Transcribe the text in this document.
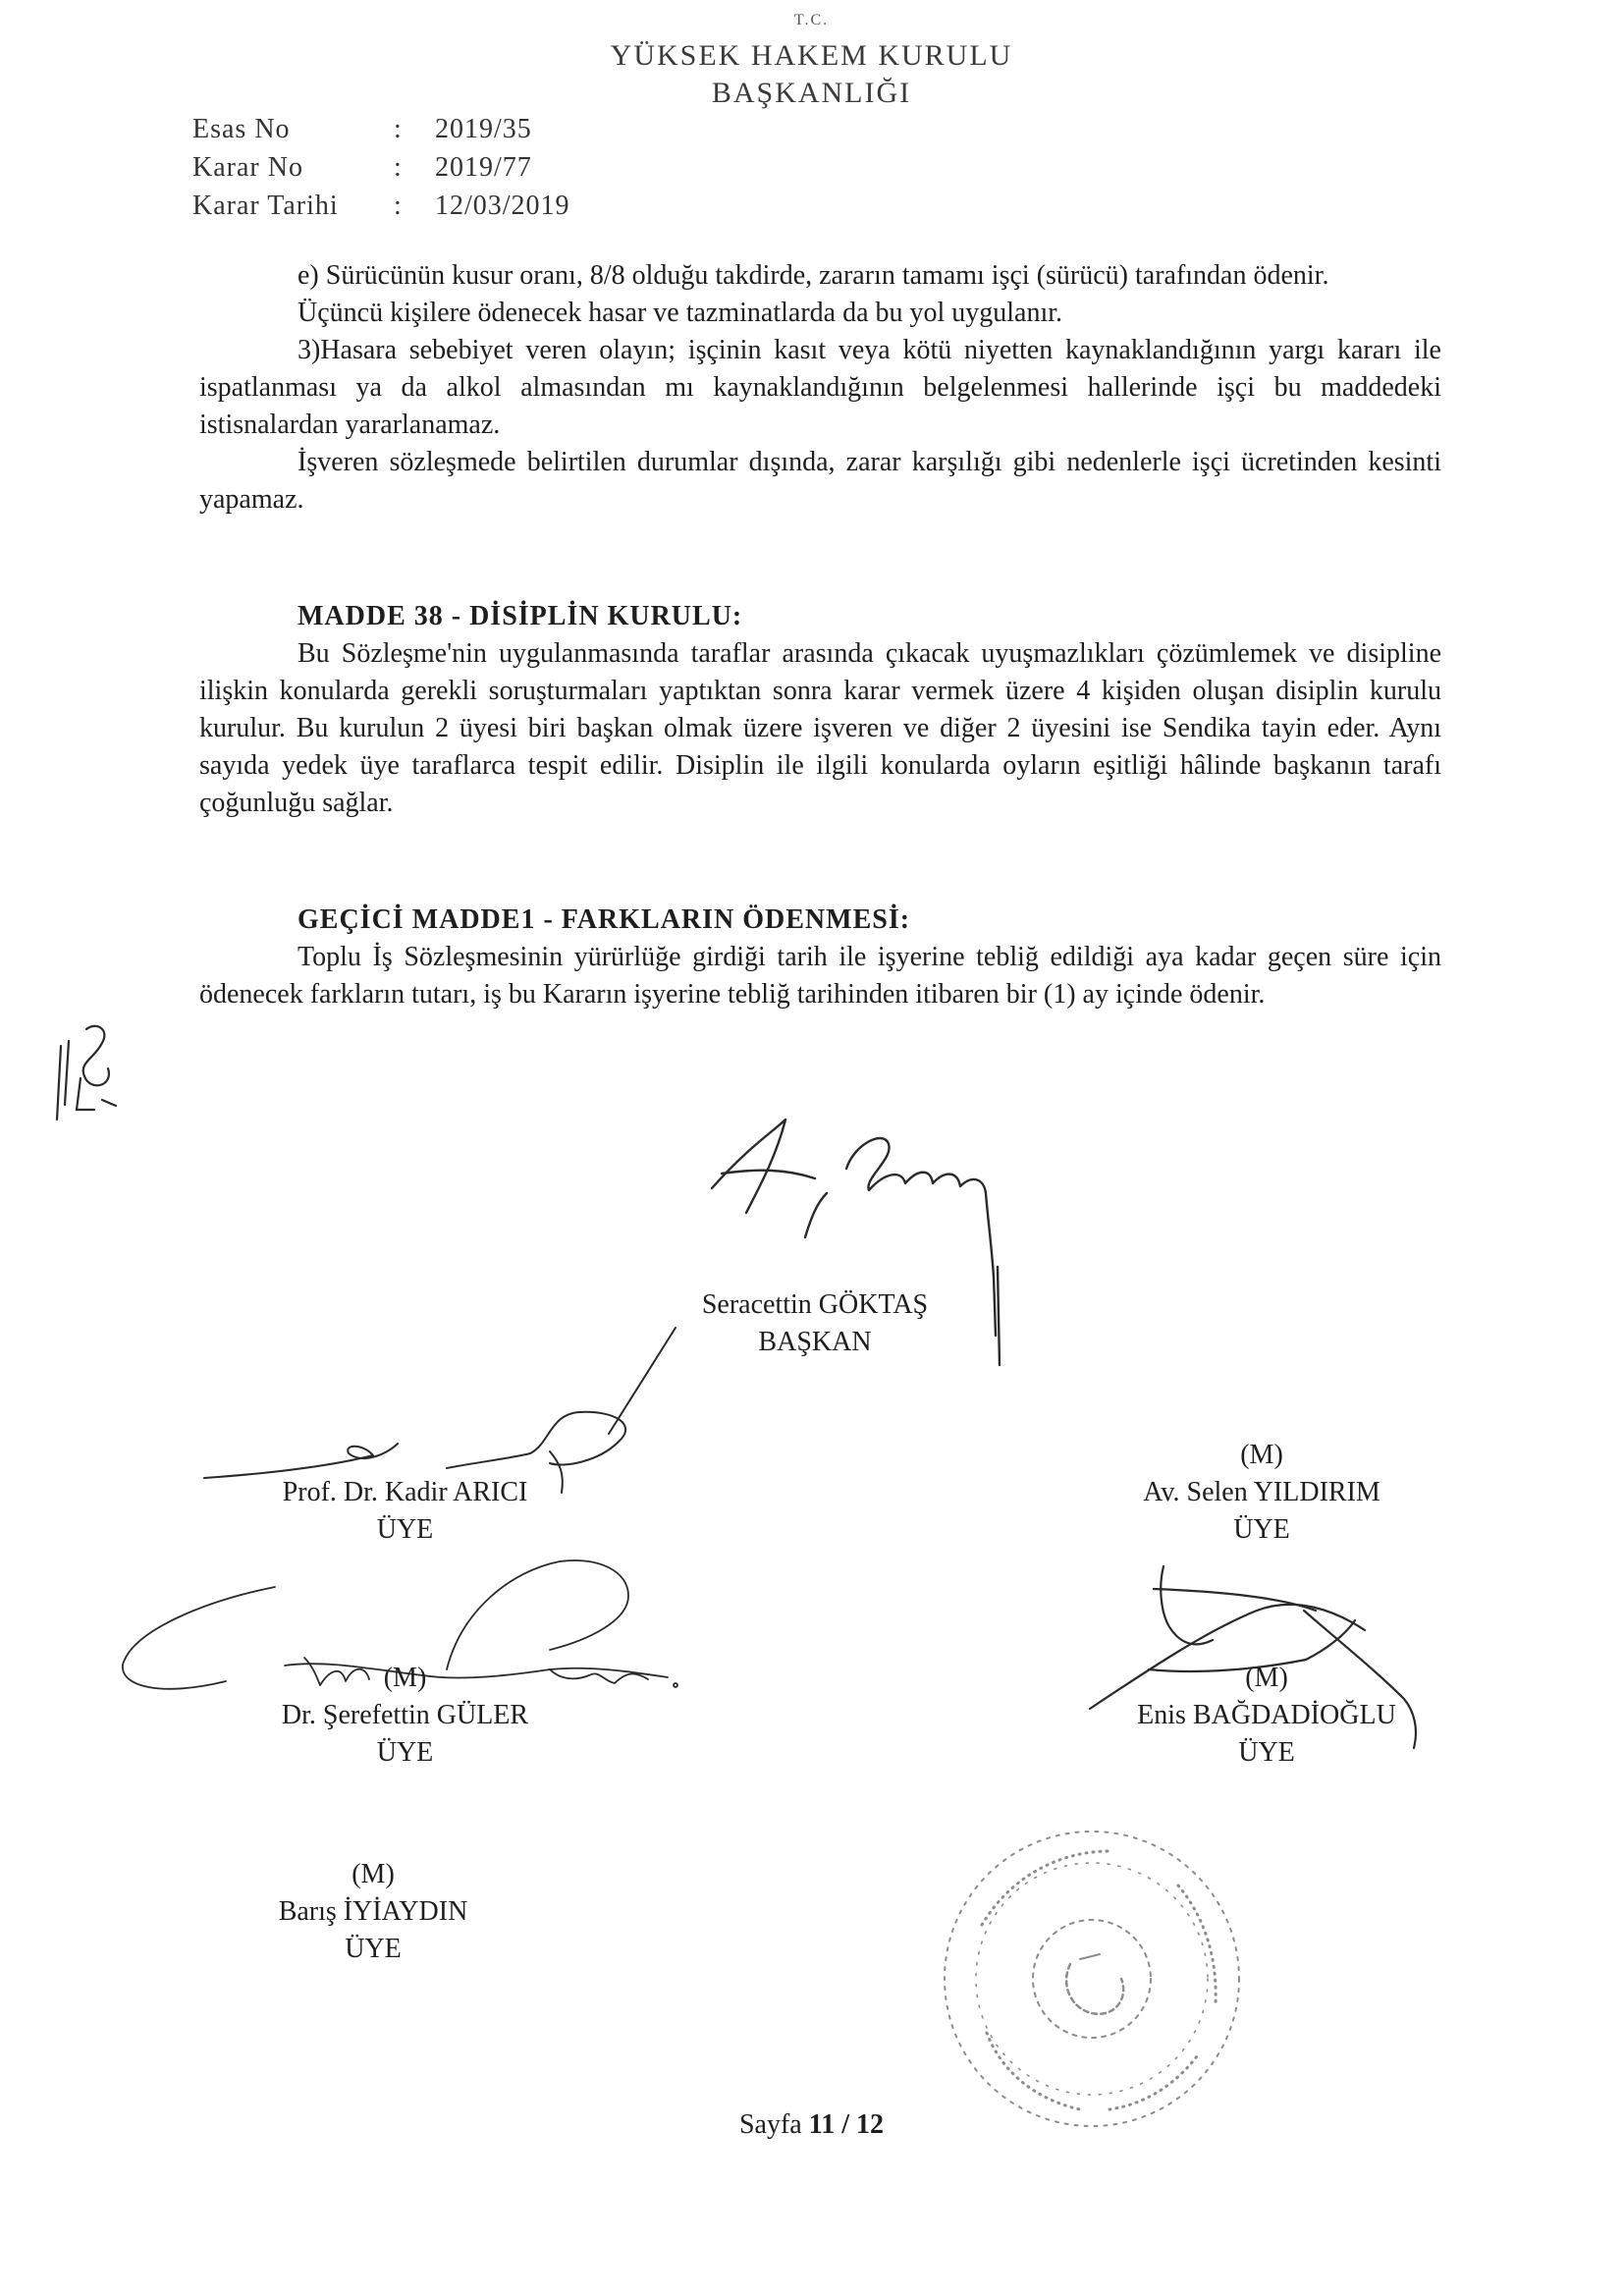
T.C.
YÜKSEK HAKEM KURULU
BAŞKANLIĞI
Esas No	:	2019/35
Karar No	:	2019/77
Karar Tarihi	:	12/03/2019

e) Sürücünün kusur oranı, 8/8 olduğu takdirde, zararın tamamı işçi (sürücü) tarafından ödenir.

Üçüncü kişilere ödenecek hasar ve tazminatlarda da bu yol uygulanır.

3)Hasara sebebiyet veren olayın; işçinin kasıt veya kötü niyetten kaynaklandığının yargı kararı ile ispatlanması ya da alkol almasından mı kaynaklandığının belgelenmesi hallerinde işçi bu maddedeki istisnalardan yararlanamaz.

İşveren sözleşmede belirtilen durumlar dışında, zarar karşılığı gibi nedenlerle işçi ücretinden kesinti yapamaz.

MADDE 38 - DİSİPLİN KURULU:

Bu Sözleşme'nin uygulanmasında taraflar arasında çıkacak uyuşmazlıkları çözümlemek ve disipline ilişkin konularda gerekli soruşturmaları yaptıktan sonra karar vermek üzere 4 kişiden oluşan disiplin kurulu kurulur. Bu kurulun 2 üyesi biri başkan olmak üzere işveren ve diğer 2 üyesini ise Sendika tayin eder. Aynı sayıda yedek üye taraflarca tespit edilir. Disiplin ile ilgili konularda oyların eşitliği hâlinde başkanın tarafı çoğunluğu sağlar.

GEÇİCİ MADDE1 - FARKLARIN ÖDENMESİ:

Toplu İş Sözleşmesinin yürürlüğe girdiği tarih ile işyerine tebliğ edildiği aya kadar geçen süre için ödenecek farkların tutarı, iş bu Kararın işyerine tebliğ tarihinden itibaren bir (1) ay içinde ödenir.

Seracettin GÖKTAŞ
BAŞKAN
(M)
Av. Selen YILDIRIM
ÜYE
Prof. Dr. Kadir ARICI
ÜYE
(M)
Dr. Şerefettin GÜLER
ÜYE
(M)
Enis BAĞDADİOĞLU
ÜYE
(M)
Barış İYİAYDIN
ÜYE
Sayfa 11 / 12
